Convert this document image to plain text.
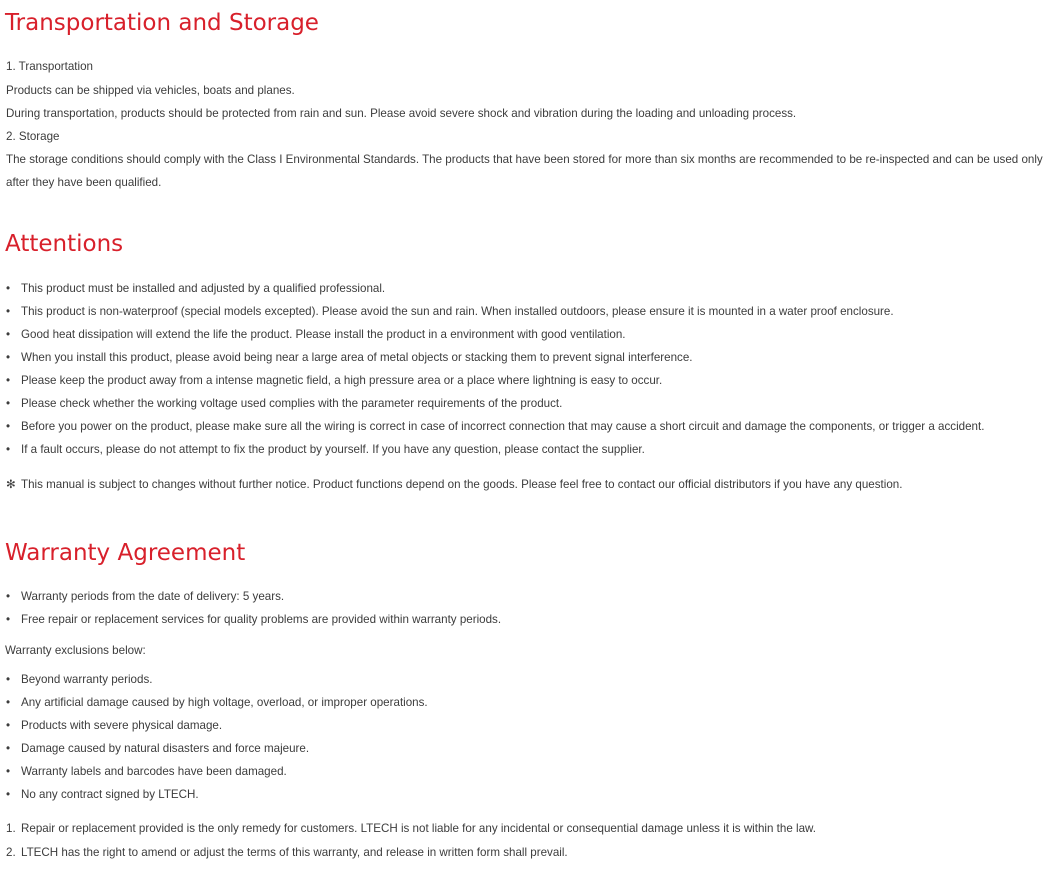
Transportation and Storage
1. Transportation
Products can be shipped via vehicles, boats and planes.
During transportation, products should be protected from rain and sun. Please avoid severe shock and vibration during the loading and unloading process.
2. Storage
The storage conditions should comply with the Class I Environmental Standards. The products that have been stored for more than six months are recommended to be re-inspected and can be used only after they have been qualified.
Attentions
• This product must be installed and adjusted by a qualified professional.
• This product is non-waterproof (special models excepted). Please avoid the sun and rain. When installed outdoors, please ensure it is mounted in a water proof enclosure.
• Good heat dissipation will extend the life the product. Please install the product in a environment with good ventilation.
• When you install this product, please avoid being near a large area of metal objects or stacking them to prevent signal interference.
• Please keep the product away from a intense magnetic field, a high pressure area or a place where lightning is easy to occur.
• Please check whether the working voltage used complies with the parameter requirements of the product.
• Before you power on the product, please make sure all the wiring is correct in case of incorrect connection that may cause a short circuit and damage the components, or trigger a accident.
• If a fault occurs, please do not attempt to fix the product by yourself. If you have any question, please contact the supplier.
✻ This manual is subject to changes without further notice. Product functions depend on the goods. Please feel free to contact our official distributors if you have any question.
Warranty Agreement
• Warranty periods from the date of delivery: 5 years.
• Free repair or replacement services for quality problems are provided within warranty periods.
Warranty exclusions below:
• Beyond warranty periods.
• Any artificial damage caused by high voltage, overload, or improper operations.
• Products with severe physical damage.
• Damage caused by natural disasters and force majeure.
• Warranty labels and barcodes have been damaged.
• No any contract signed by LTECH.
1. Repair or replacement provided is the only remedy for customers. LTECH is not liable for any incidental or consequential damage unless it is within the law.
2. LTECH has the right to amend or adjust the terms of this warranty, and release in written form shall prevail.
